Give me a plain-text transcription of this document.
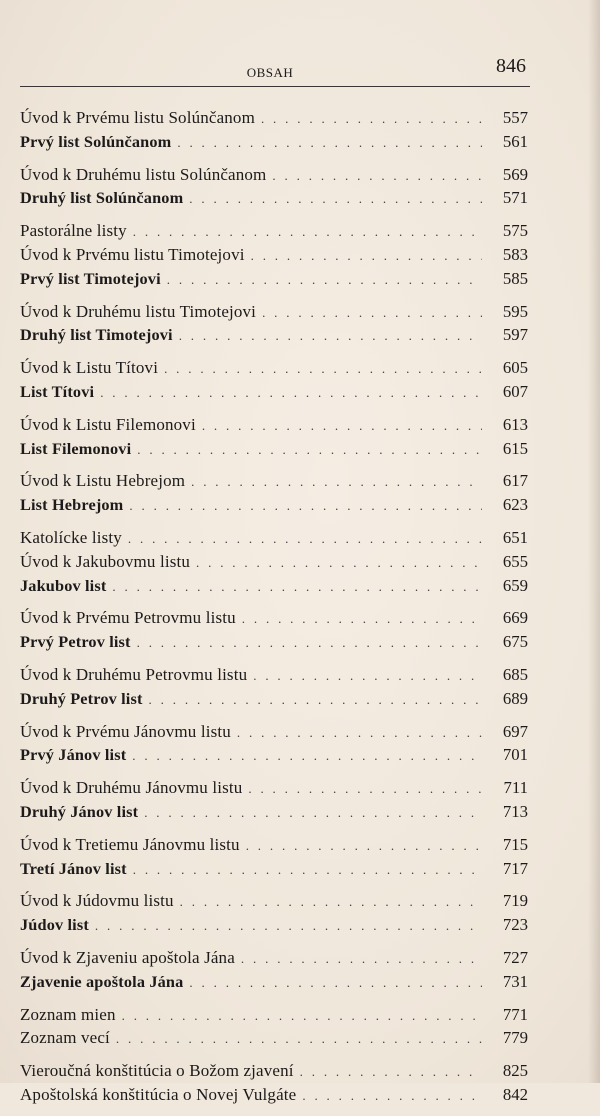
OBSAH	846
Úvod k Prvému listu Solúnčanom . . .	557
Prvý list Solúnčanom . . .	561
Úvod k Druhému listu Solúnčanom . . .	569
Druhý list Solúnčanom . . .	571
Pastorálne listy . . .	575
Úvod k Prvému listu Timotejovi . . .	583
Prvý list Timotejovi . . .	585
Úvod k Druhému listu Timotejovi . . .	595
Druhý list Timotejovi . . .	597
Úvod k Listu Títovi . . .	605
List Títovi . . .	607
Úvod k Listu Filemonovi . . .	613
List Filemonovi . . .	615
Úvod k Listu Hebrejom . . .	617
List Hebrejom . . .	623
Katolícke listy . . .	651
Úvod k Jakubovmu listu . . .	655
Jakubov list . . .	659
Úvod k Prvému Petrovmu listu . . .	669
Prvý Petrov list . . .	675
Úvod k Druhému Petrovmu listu . . .	685
Druhý Petrov list . . .	689
Úvod k Prvému Jánovmu listu . . .	697
Prvý Jánov list . . .	701
Úvod k Druhému Jánovmu listu . . .	711
Druhý Jánov list . . .	713
Úvod k Tretiemu Jánovmu listu . . .	715
Tretí Jánov list . . .	717
Úvod k Júdovmu listu . . .	719
Júdov list . . .	723
Úvod k Zjaveniu apoštola Jána . . .	727
Zjavenie apoštola Jána . . .	731
Zoznam mien . . .	771
Zoznam vecí . . .	779
Vieroučná konštitúcia o Božom zjavení . . .	825
Apoštolská konštitúcia o Novej Vulgáte . . .	842
